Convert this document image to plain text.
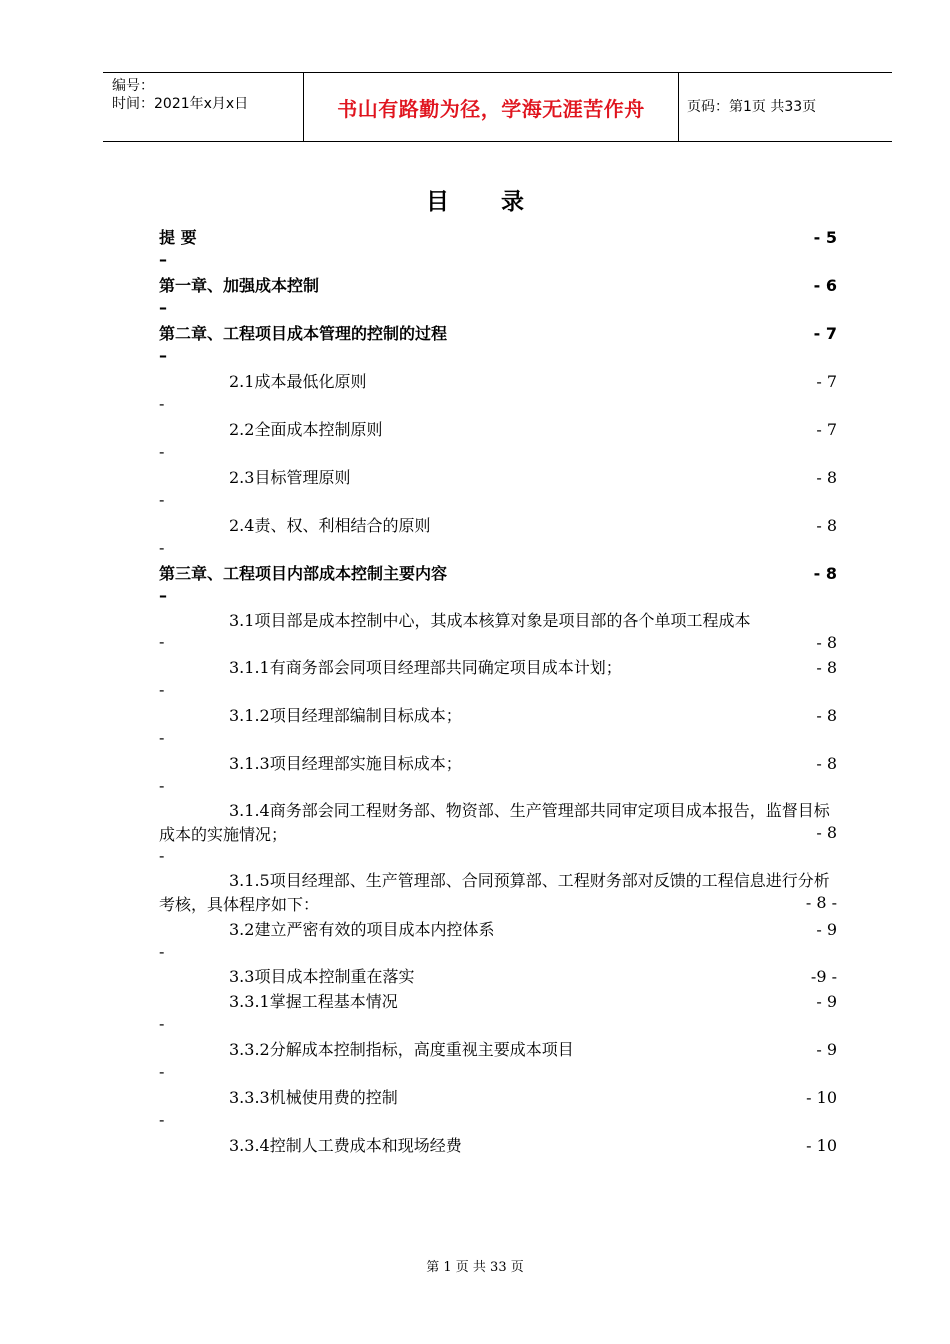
编号：
时间：2021年x月x日	书山有路勤为径，学海无涯苦作舟	页码：第1页 共33页
目 录
提 要	- 5
–
第一章、加强成本控制	- 6
–
第二章、工程项目成本管理的控制的过程	- 7
–
2.1成本最低化原则	- 7
-
2.2全面成本控制原则	- 7
-
2.3目标管理原则	- 8
-
2.4责、权、利相结合的原则	- 8
-
第三章、工程项目内部成本控制主要内容	- 8
–
3.1项目部是成本控制中心，其成本核算对象是项目部的各个单项工程成本
- 8
-
3.1.1有商务部会同项目经理部共同确定项目成本计划；	- 8
-
3.1.2项目经理部编制目标成本；	- 8
-
3.1.3项目经理部实施目标成本；	- 8
-
3.1.4商务部会同工程财务部、物资部、生产管理部共同审定项目成本报告，监督目标成本的实施情况；	- 8
-
3.1.5项目经理部、生产管理部、合同预算部、工程财务部对反馈的工程信息进行分析考核，具体程序如下：	- 8 -
3.2建立严密有效的项目成本内控体系	- 9
-
3.3项目成本控制重在落实	-9 -
3.3.1掌握工程基本情况	- 9
-
3.3.2分解成本控制指标，高度重视主要成本项目	- 9
-
3.3.3机械使用费的控制	- 10
-
3.3.4控制人工费成本和现场经费	- 10
第 1 页 共 33 页
